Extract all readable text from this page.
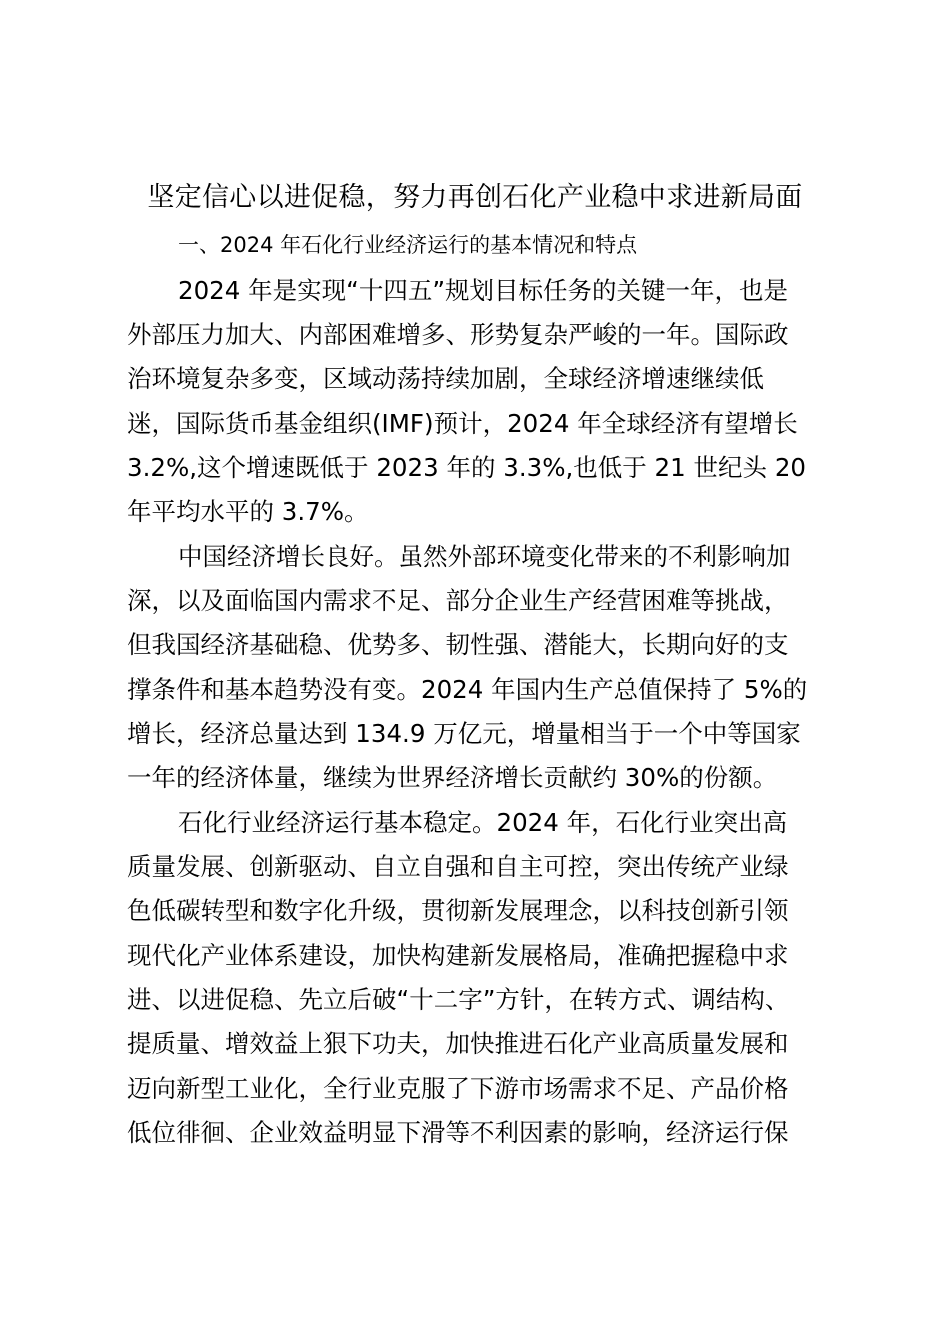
坚定信心以进促稳，努力再创石化产业稳中求进新局面
一、2024 年石化行业经济运行的基本情况和特点
2024 年是实现“十四五”规划目标任务的关键一年，也是
外部压力加大、内部困难增多、形势复杂严峻的一年。国际政
治环境复杂多变，区域动荡持续加剧，全球经济增速继续低
迷，国际货币基金组织(IMF)预计，2024 年全球经济有望增长
3.2%,这个增速既低于 2023 年的 3.3%,也低于 21 世纪头 20
年平均水平的 3.7%。
中国经济增长良好。虽然外部环境变化带来的不利影响加
深，以及面临国内需求不足、部分企业生产经营困难等挑战，
但我国经济基础稳、优势多、韧性强、潜能大，长期向好的支
撑条件和基本趋势没有变。2024 年国内生产总值保持了 5%的
增长，经济总量达到 134.9 万亿元，增量相当于一个中等国家
一年的经济体量，继续为世界经济增长贡献约 30%的份额。
石化行业经济运行基本稳定。2024 年，石化行业突出高
质量发展、创新驱动、自立自强和自主可控，突出传统产业绿
色低碳转型和数字化升级，贯彻新发展理念，以科技创新引领
现代化产业体系建设，加快构建新发展格局，准确把握稳中求
进、以进促稳、先立后破“十二字”方针，在转方式、调结构、
提质量、增效益上狠下功夫，加快推进石化产业高质量发展和
迈向新型工业化，全行业克服了下游市场需求不足、产品价格
低位徘徊、企业效益明显下滑等不利因素的影响，经济运行保
